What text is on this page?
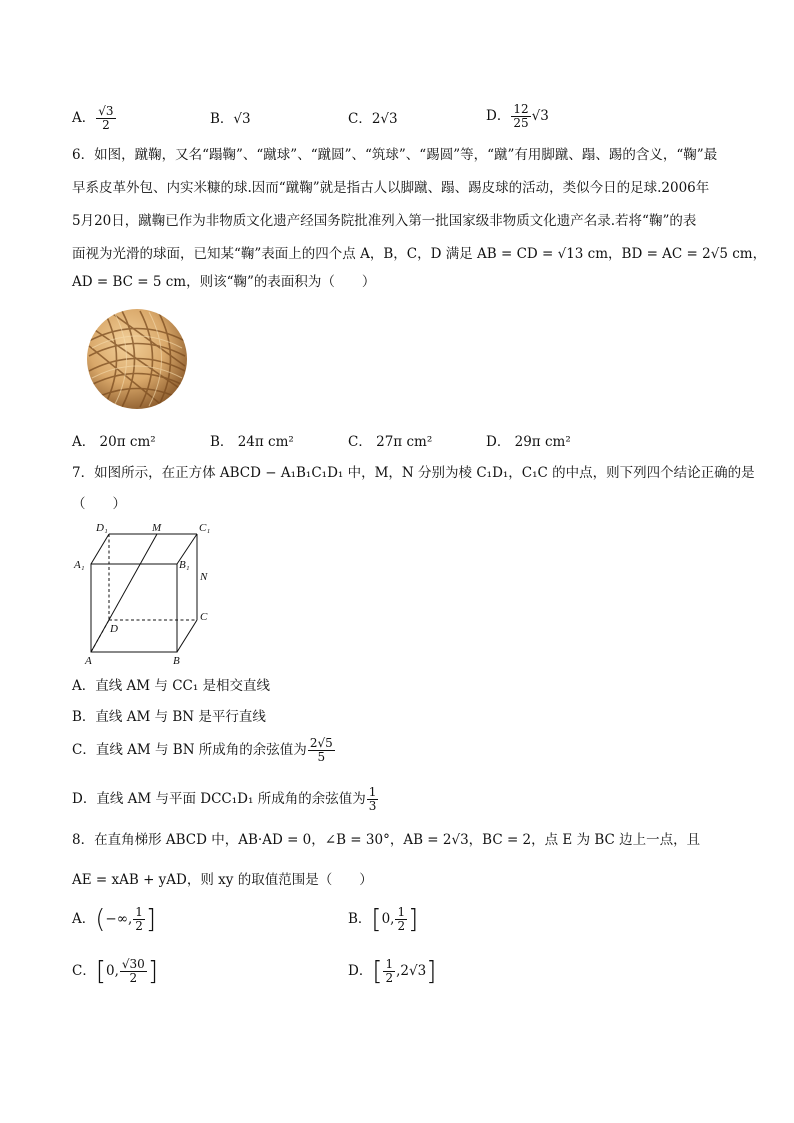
A． $\frac{√3}{2}$	B．√3	C．2√3	D． $\frac{12}{25} √3$
6．如图，蹴鞠，又名“蹋鞠”、“蹴球”、“蹴圆”、“筑球”、“踢圆”等，“蹴”有用脚蹴、蹋、踢的含义，“鞠”最
早系皮革外包、内实米糠的球.因而“蹴鞠”就是指古人以脚蹴、蹋、踢皮球的活动，类似今日的足球.2006年
5月20日，蹴鞠已作为非物质文化遗产经国务院批准列入第一批国家级非物质文化遗产名录.若将“鞠”的表
面视为光滑的球面，已知某“鞠”表面上的四个点 A，B，C，D 满足 AB = CD = √13 cm，BD = AC = 2√5 cm，
AD = BC = 5 cm，则该“鞠”的表面积为（　　）
A． 20π cm²	B． 24π cm²	C． 27π cm²	D． 29π cm²
7．如图所示，在正方体 ABCD − A₁B₁C₁D₁ 中，M，N 分别为棱 C₁D₁，C₁C 的中点，则下列四个结论正确的是
（　　）
D₁	M	C₁
A₁	B₁
N
C
D
A	B
A．直线 AM 与 CC₁ 是相交直线
B．直线 AM 与 BN 是平行直线
C．直线 AM 与 BN 所成角的余弦值为 $\frac{2√5}{5}$
D．直线 AM 与平面 DCC₁D₁ 所成角的余弦值为 $\frac{1}{3}$
8．在直角梯形 ABCD 中，AB·AD = 0，∠B = 30°，AB = 2√3，BC = 2，点 E 为 BC 边上一点，且
AE = xAB + yAD，则 xy 的取值范围是（　　）
A．(−∞, $\frac{1}{2}$ ]	B．[0, $\frac{1}{2}$ ]
C．[0, $\frac{√30}{2}$ ]	D．[ $\frac{1}{2} ,2√3$]
